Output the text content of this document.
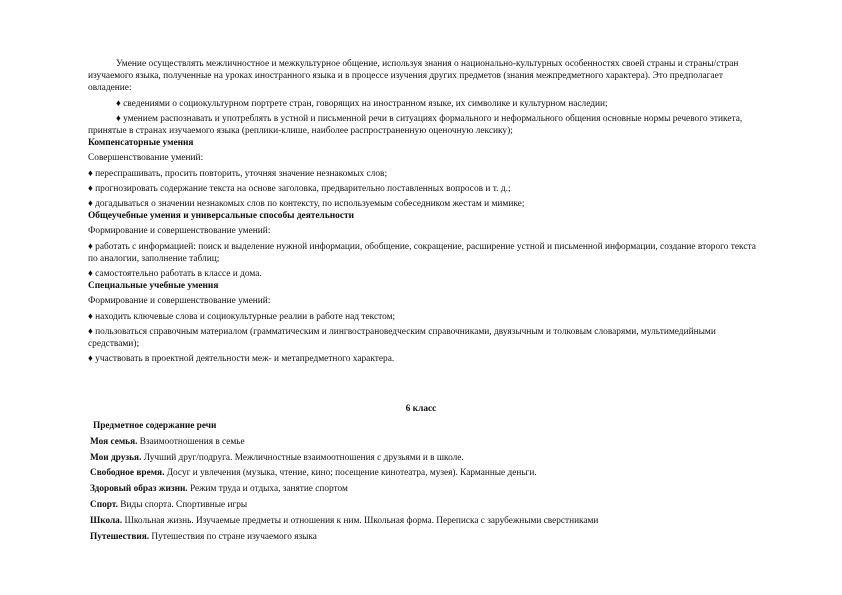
Умение осуществлять межличностное и межкультурное общение, используя знания о национально-культурных особенностях своей страны и страны/стран изучаемого языка, полученные на уроках иностранного языка и в процессе изучения других предметов (знания межпредметного характера). Это предполагает овладение:

♦ сведениями о социокультурном портрете стран, говорящих на иностранном языке, их символике и культурном наследии;

♦ умением распознавать и употреблять в устной и письменной речи в ситуациях формального и неформального общения основные нормы речевого этикета, принятые в странах изучаемого языка (реплики-клише, наиболее распространенную оценочную лексику);

Компенсаторные умения

Совершенствование умений:

♦ переспрашивать, просить повторить, уточняя значение незнакомых слов;

♦ прогнозировать содержание текста на основе заголовка, предварительно поставленных вопросов и т. д.;

♦ догадываться о значении незнакомых слов по контексту, по используемым собеседником жестам и мимике;

Общеучебные умения и универсальные способы деятельности

Формирование и совершенствование умений:

♦ работать с информацией: поиск и выделение нужной информации, обобщение, сокращение, расширение устной и письменной информации, создание второго текста по аналогии, заполнение таблиц;

♦ самостоятельно работать в классе и дома.

Специальные учебные умения

Формирование и совершенствование умений:

♦ находить ключевые слова и социокультурные реалии в работе над текстом;

♦ пользоваться справочным материалом (грамматическим и лингвострановедческим справочниками, двуязычным и толковым словарями, мультимедийными средствами);

♦ участвовать в проектной деятельности меж- и метапредметного характера.

6 класс

Предметное содержание речи

Моя семья. Взаимоотношения в семье

Мои друзья. Лучший друг/подруга. Межличностные взаимоотношения с друзьями и в школе.

Свободное время. Досуг и увлечения (музыка, чтение, кино; посещение кинотеатра, музея). Карманные деньги.

Здоровый образ жизни. Режим труда и отдыха, занятие спортом

Спорт. Виды спорта. Спортивные игры

Школа. Школьная жизнь. Изучаемые предметы и отношения к ним. Школьная форма. Переписка с зарубежными сверстниками

Путешествия. Путешествия по стране изучаемого языка
